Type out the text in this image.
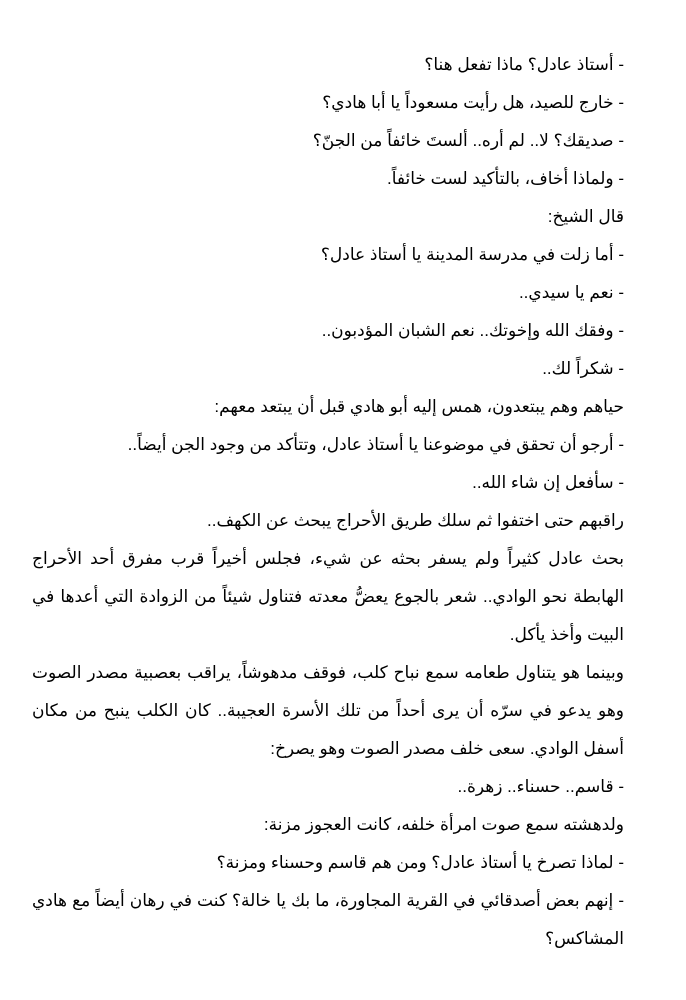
- أستاذ عادل؟ ماذا تفعل هنا؟

- خارج للصيد، هل رأيت مسعوداً يا أبا هادي؟

- صديقك؟ لا.. لم أره.. ألستَ خائفاً من الجنّ؟

- ولماذا أخاف، بالتأكيد لست خائفاً.

قال الشيخ:

- أما زلت في مدرسة المدينة يا أستاذ عادل؟

- نعم يا سيدي..

- وفقك الله وإخوتك.. نعم الشبان المؤدبون..

- شكراً لك..

حياهم وهم يبتعدون، همس إليه أبو هادي قبل أن يبتعد معهم:

- أرجو أن تحقق في موضوعنا يا أستاذ عادل، وتتأكد من وجود الجن أيضاً..

- سأفعل إن شاء الله..

راقبهم حتى اختفوا ثم سلك طريق الأحراج يبحث عن الكهف..

بحث عادل كثيراً ولم يسفر بحثه عن شيء، فجلس أخيراً قرب مفرق أحد الأحراج الهابطة نحو الوادي.. شعر بالجوع يعضُّ معدته فتناول شيئاً من الزوادة التي أعدها في البيت وأخذ يأكل.

وبينما هو يتناول طعامه سمع نباح كلب، فوقف مدهوشاً، يراقب بعصبية مصدر الصوت وهو يدعو في سرّه أن يرى أحداً من تلك الأسرة العجيبة.. كان الكلب ينبح من مكان أسفل الوادي. سعى خلف مصدر الصوت وهو يصرخ:

- قاسم.. حسناء.. زهرة..

ولدهشته سمع صوت امرأة خلفه، كانت العجوز مزنة:

- لماذا تصرخ يا أستاذ عادل؟ ومن هم قاسم وحسناء ومزنة؟

- إنهم بعض أصدقائي في القرية المجاورة، ما بك يا خالة؟ كنت في رهان أيضاً مع هادي المشاكس؟
